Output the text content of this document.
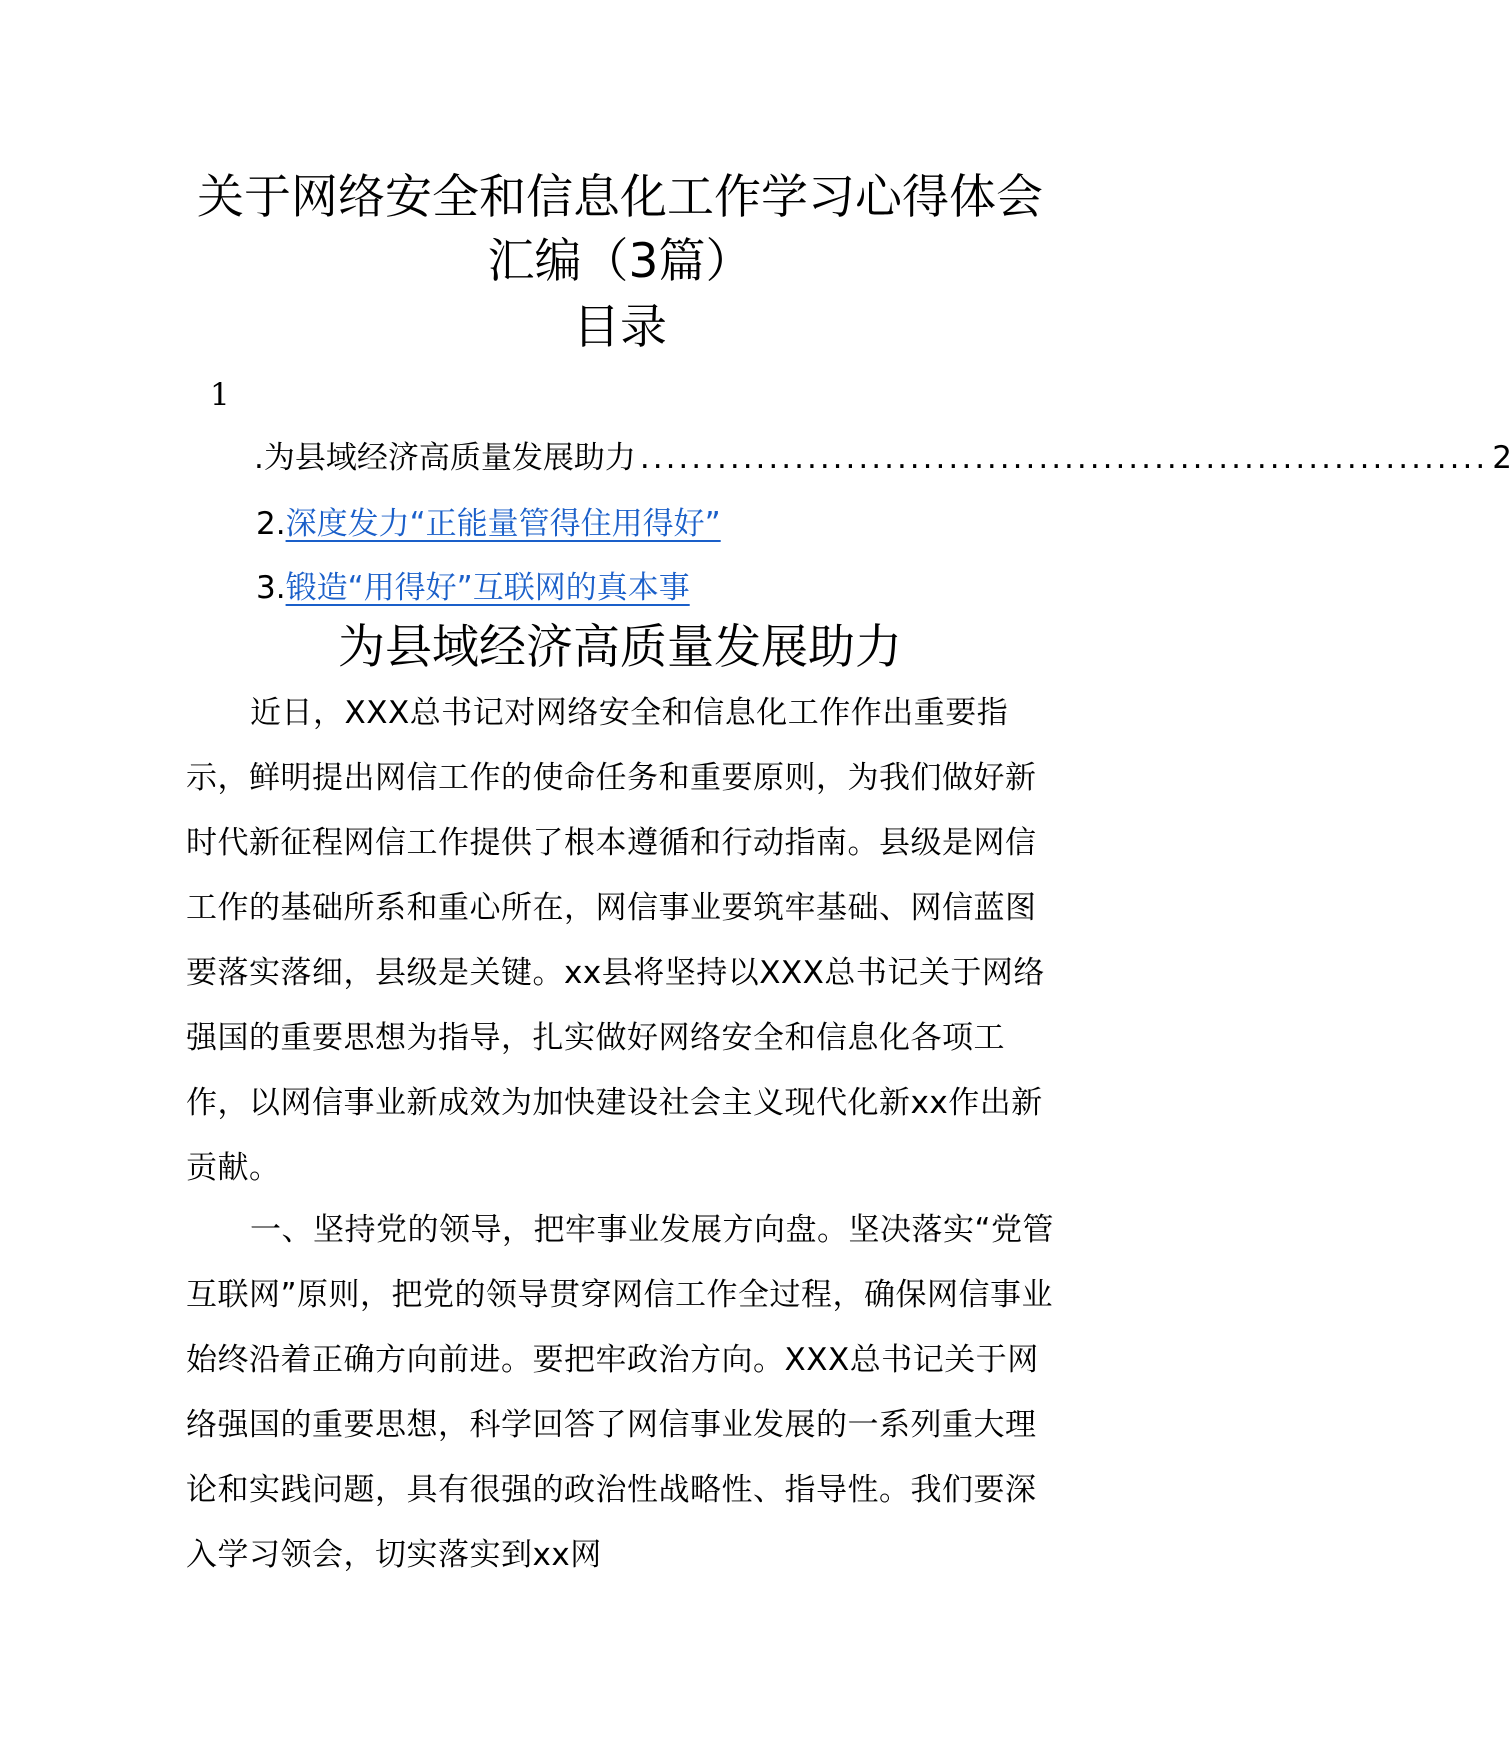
关于网络安全和信息化工作学习心得体会
汇编（3篇）
目录
1
.为县域经济高质量发展助力 .................................................................. 2
2. 深度发力“正能量管得住用得好”
3. 锻造“用得好”互联网的真本事
为县域经济高质量发展助力

近日，XXX总书记对网络安全和信息化工作作出重要指示，鲜明提出网信工作的使命任务和重要原则，为我们做好新时代新征程网信工作提供了根本遵循和行动指南。县级是网信工作的基础所系和重心所在，网信事业要筑牢基础、网信蓝图要落实落细，县级是关键。xx县将坚持以XXX总书记关于网络强国的重要思想为指导，扎实做好网络安全和信息化各项工作，以网信事业新成效为加快建设社会主义现代化新xx作出新贡献。

一、坚持党的领导，把牢事业发展方向盘。坚决落实“党管互联网”原则，把党的领导贯穿网信工作全过程，确保网信事业始终沿着正确方向前进。要把牢政治方向。XXX总书记关于网络强国的重要思想，科学回答了网信事业发展的一系列重大理论和实践问题，具有很强的政治性战略性、指导性。我们要深入学习领会，切实落实到xx网
